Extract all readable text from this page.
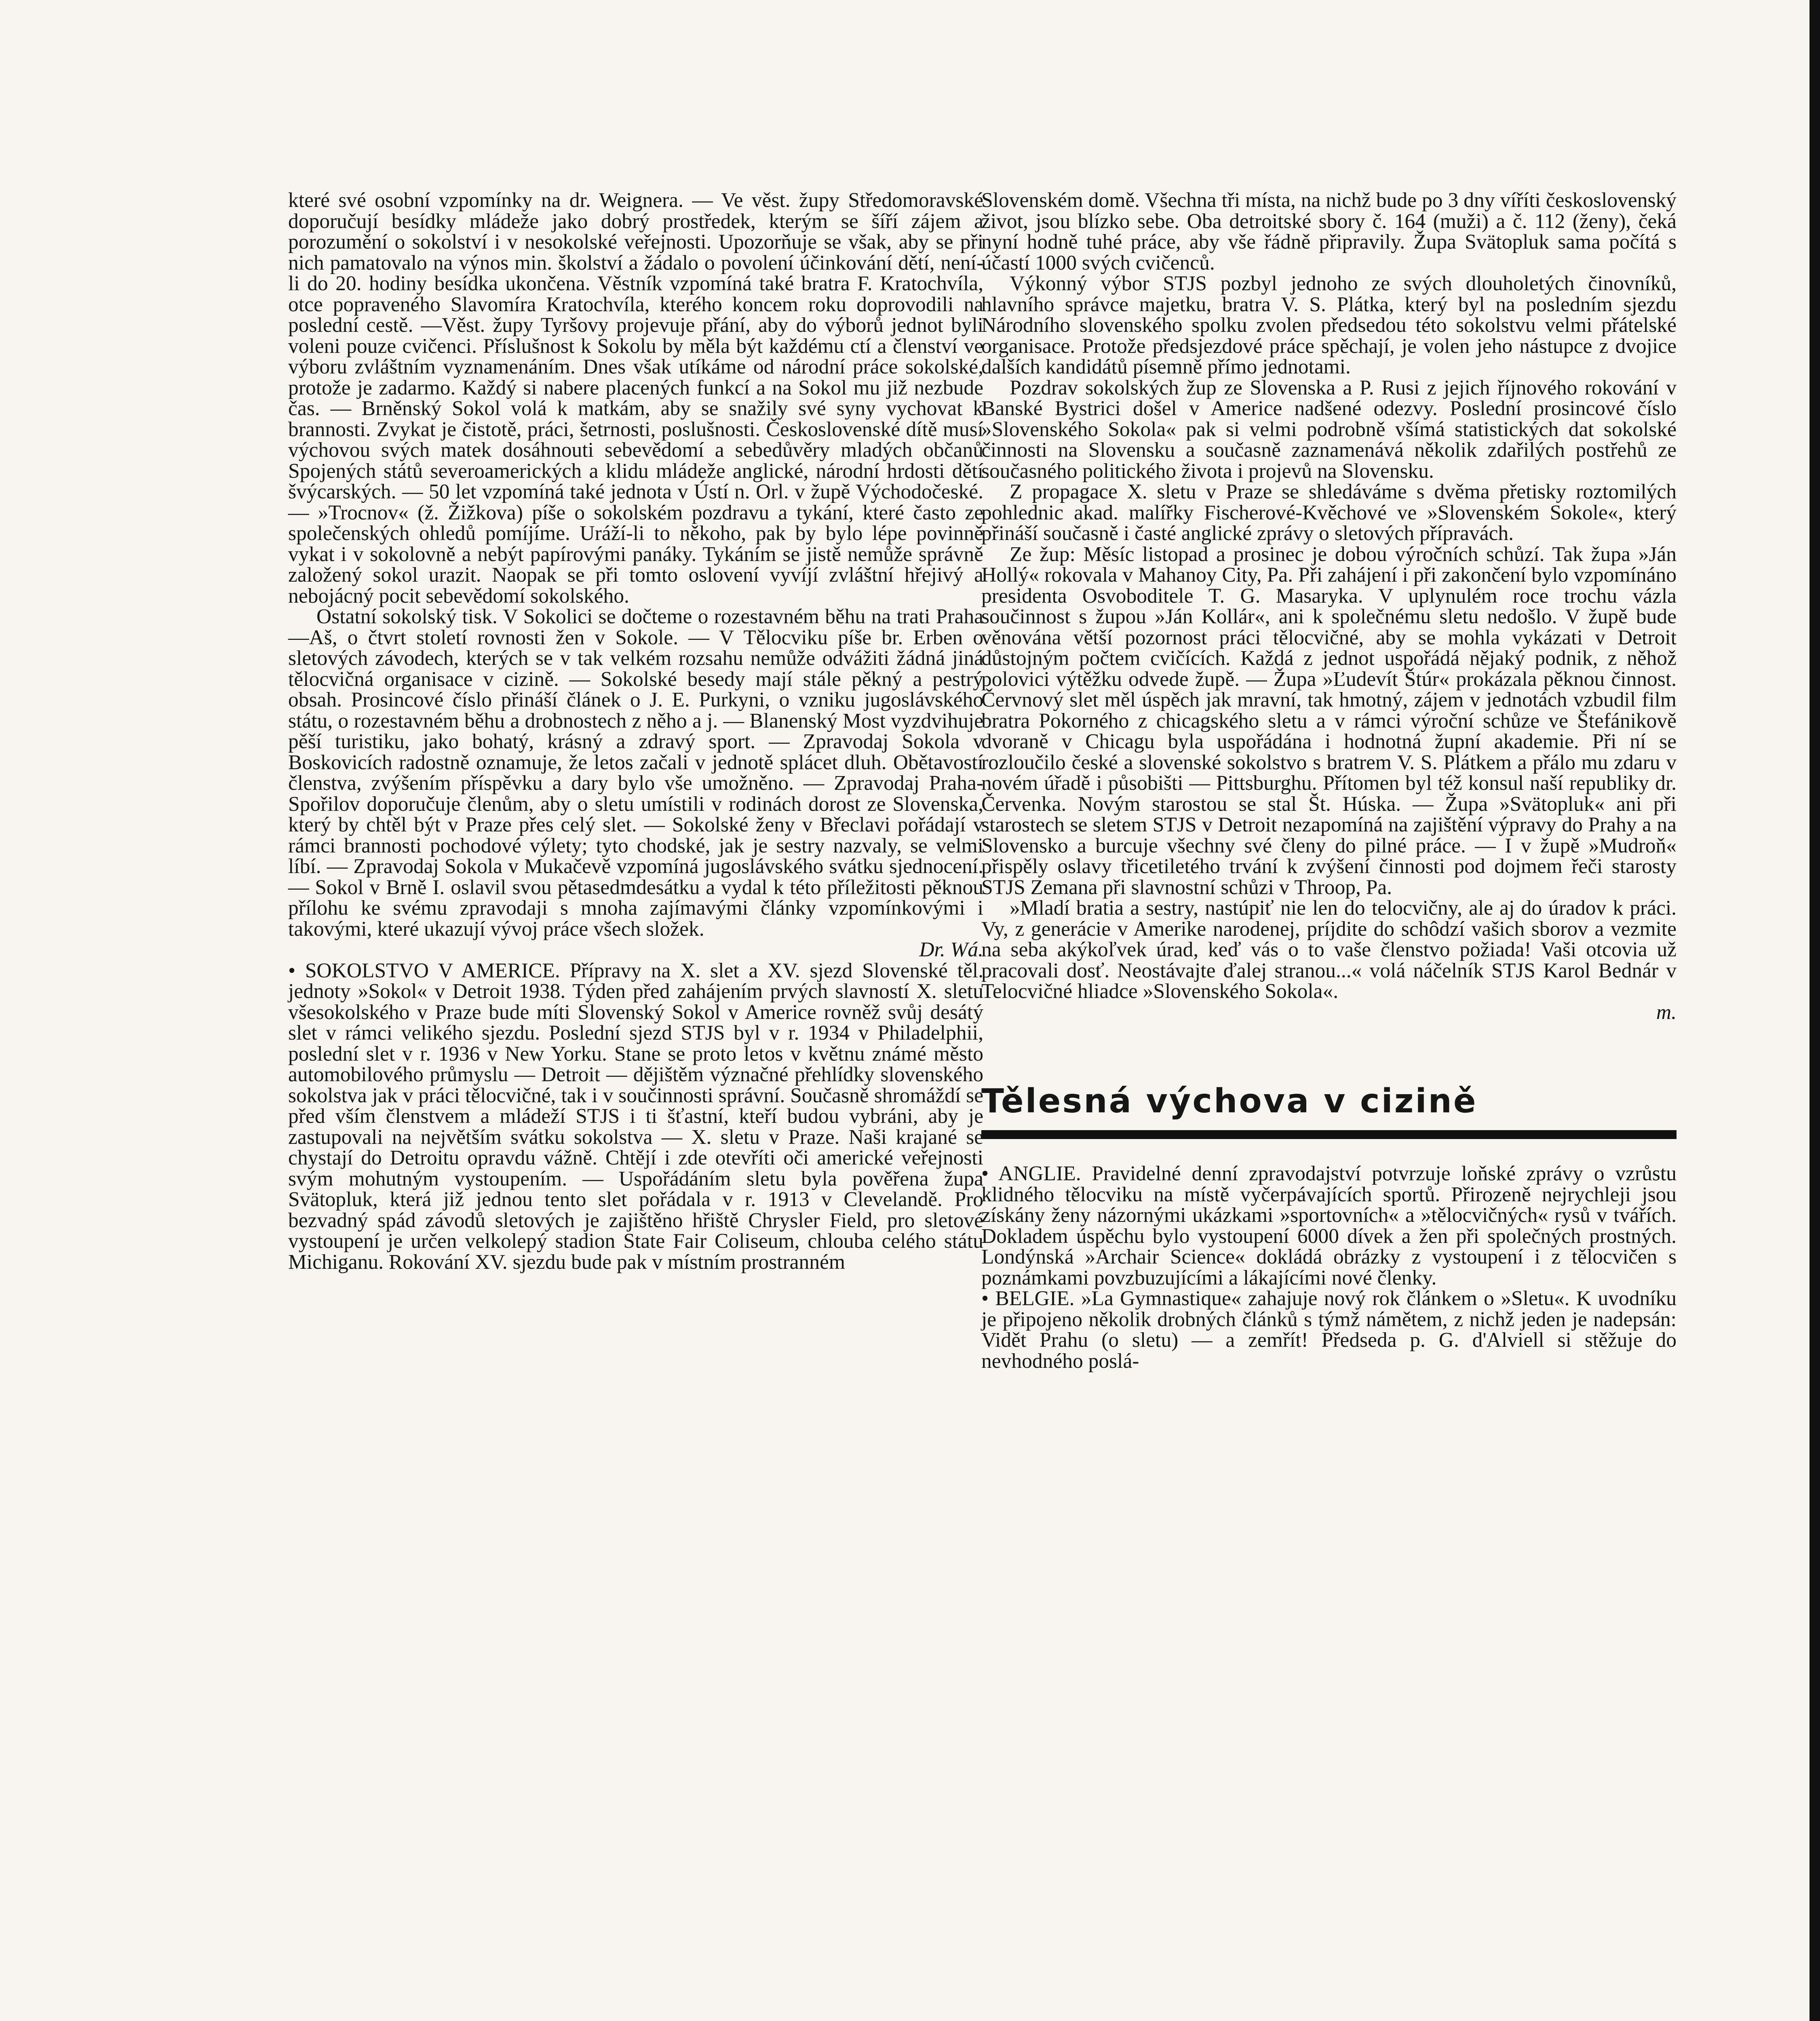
které své osobní vzpomínky na dr. Weignera. — Ve věst. župy Středomoravské doporučují besídky mládeže jako dobrý prostředek, kterým se šíří zájem a porozumění o sokolství i v nesokolské veřejnosti. Upozorňuje se však, aby se při nich pamatovalo na výnos min. školství a žádalo o povolení účinkování dětí, není-li do 20. hodiny besídka ukončena. Věstník vzpomíná také bratra F. Kratochvíla, otce popraveného Slavomíra Kratochvíla, kterého koncem roku doprovodili na poslední cestě. —Věst. župy Tyršovy projevuje přání, aby do výborů jednot byli voleni pouze cvičenci. Příslušnost k Sokolu by měla být každému ctí a členství ve výboru zvláštním vyznamenáním. Dnes však utíkáme od národní práce sokolské, protože je zadarmo. Každý si nabere placených funkcí a na Sokol mu již nezbude čas. — Brněnský Sokol volá k matkám, aby se snažily své syny vychovat k brannosti. Zvykat je čistotě, práci, šetrnosti, poslušnosti. Československé dítě musí výchovou svých matek dosáhnouti sebevědomí a sebedůvěry mladých občanů Spojených států severoamerických a klidu mládeže anglické, národní hrdosti dětí švýcarských. — 50 let vzpomíná také jednota v Ústí n. Orl. v župě Východočeské. — »Trocnov« (ž. Žižkova) píše o sokolském pozdravu a tykání, které často ze společenských ohledů pomíjíme. Uráží-li to někoho, pak by bylo lépe povinně vykat i v sokolovně a nebýt papírovými panáky. Tykáním se jistě nemůže správně založený sokol urazit. Naopak se při tomto oslovení vyvíjí zvláštní hřejivý a nebojácný pocit sebevědomí sokolského.

Ostatní sokolský tisk. V Sokolici se dočteme o rozestavném běhu na trati Praha—Aš, o čtvrt století rovnosti žen v Sokole. — V Tělocviku píše br. Erben o sletových závodech, kterých se v tak velkém rozsahu nemůže odvážiti žádná jiná tělocvičná organisace v cizině. — Sokolské besedy mají stále pěkný a pestrý obsah. Prosincové číslo přináší článek o J. E. Purkyni, o vzniku jugoslávského státu, o rozestavném běhu a drobnostech z něho a j. — Blanenský Most vyzdvihuje pěší turistiku, jako bohatý, krásný a zdravý sport. — Zpravodaj Sokola v Boskovicích radostně oznamuje, že letos začali v jednotě splácet dluh. Obětavostí členstva, zvýšením příspěvku a dary bylo vše umožněno. — Zpravodaj Praha-Spořilov doporučuje členům, aby o sletu umístili v rodinách dorost ze Slovenska, který by chtěl být v Praze přes celý slet. — Sokolské ženy v Břeclavi pořádají v rámci brannosti pochodové výlety; tyto chodské, jak je sestry nazvaly, se velmi líbí. — Zpravodaj Sokola v Mukačevě vzpomíná jugoslávského svátku sjednocení. — Sokol v Brně I. oslavil svou pětasedmdesátku a vydal k této příležitosti pěknou přílohu ke svému zpravodaji s mnoha zajímavými články vzpomínkovými i takovými, které ukazují vývoj práce všech složek.

Dr. Wá.

• SOKOLSTVO V AMERICE. Přípravy na X. slet a XV. sjezd Slovenské těl. jednoty »Sokol« v Detroit 1938. Týden před zahájením prvých slavností X. sletu všesokolského v Praze bude míti Slovenský Sokol v Americe rovněž svůj desátý slet v rámci velikého sjezdu. Poslední sjezd STJS byl v r. 1934 v Philadelphii, poslední slet v r. 1936 v New Yorku. Stane se proto letos v květnu známé město automobilového průmyslu — Detroit — dějištěm význačné přehlídky slovenského sokolstva jak v práci tělocvičné, tak i v součinnosti správní. Současně shromáždí se před vším členstvem a mládeží STJS i ti šťastní, kteří budou vybráni, aby je zastupovali na největším svátku sokolstva — X. sletu v Praze. Naši krajané se chystají do Detroitu opravdu vážně. Chtějí i zde otevříti oči americké veřejnosti svým mohutným vystoupením. — Uspořádáním sletu byla pověřena župa Svätopluk, která již jednou tento slet pořádala v r. 1913 v Clevelandě. Pro bezvadný spád závodů sletových je zajištěno hřiště Chrysler Field, pro sletové vystoupení je určen velkolepý stadion State Fair Coliseum, chlouba celého státu Michiganu. Rokování XV. sjezdu bude pak v místním prostranném

Slovenském domě. Všechna tři místa, na nichž bude po 3 dny víříti československý život, jsou blízko sebe. Oba detroitské sbory č. 164 (muži) a č. 112 (ženy), čeká nyní hodně tuhé práce, aby vše řádně připravily. Župa Svätopluk sama počítá s účastí 1000 svých cvičenců.

Výkonný výbor STJS pozbyl jednoho ze svých dlouholetých činovníků, hlavního správce majetku, bratra V. S. Plátka, který byl na posledním sjezdu Národního slovenského spolku zvolen předsedou této sokolstvu velmi přátelské organisace. Protože předsjezdové práce spěchají, je volen jeho nástupce z dvojice dalších kandidátů písemně přímo jednotami.

Pozdrav sokolských žup ze Slovenska a P. Rusi z jejich říjnového rokování v Banské Bystrici došel v Americe nadšené odezvy. Poslední prosincové číslo »Slovenského Sokola« pak si velmi podrobně všímá statistických dat sokolské činnosti na Slovensku a současně zaznamenává několik zdařilých postřehů ze současného politického života i projevů na Slovensku.

Z propagace X. sletu v Praze se shledáváme s dvěma přetisky roztomilých pohlednic akad. malířky Fischerové-Kvěchové ve »Slovenském Sokole«, který přináší současně i časté anglické zprávy o sletových přípravách.

Ze žup: Měsíc listopad a prosinec je dobou výročních schůzí. Tak župa »Ján Hollý« rokovala v Mahanoy City, Pa. Při zahájení i při zakončení bylo vzpomínáno presidenta Osvoboditele T. G. Masaryka. V uplynulém roce trochu vázla součinnost s župou »Ján Kollár«, ani k společnému sletu nedošlo. V župě bude věnována větší pozornost práci tělocvičné, aby se mohla vykázati v Detroit důstojným počtem cvičících. Každá z jednot uspořádá nějaký podnik, z něhož polovici výtěžku odvede župě. — Župa »Ľudevít Štúr« prokázala pěknou činnost. Červnový slet měl úspěch jak mravní, tak hmotný, zájem v jednotách vzbudil film bratra Pokorného z chicagského sletu a v rámci výroční schůze ve Štefánikově dvoraně v Chicagu byla uspořádána i hodnotná župní akademie. Při ní se rozloučilo české a slovenské sokolstvo s bratrem V. S. Plátkem a přálo mu zdaru v novém úřadě i působišti — Pittsburghu. Přítomen byl též konsul naší republiky dr. Červenka. Novým starostou se stal Št. Húska. — Župa »Svätopluk« ani při starostech se sletem STJS v Detroit nezapomíná na zajištění výpravy do Prahy a na Slovensko a burcuje všechny své členy do pilné práce. — I v župě »Mudroň« přispěly oslavy třicetiletého trvání k zvýšení činnosti pod dojmem řeči starosty STJS Zemana při slavnostní schůzi v Throop, Pa.

»Mladí bratia a sestry, nastúpiť nie len do telocvičny, ale aj do úradov k práci. Vy, z generácie v Amerike narodenej, príjdite do schôdzí vašich sborov a vezmite na seba akýkoľvek úrad, keď vás o to vaše členstvo požiada! Vaši otcovia už pracovali dosť. Neostávajte ďalej stranou...« volá náčelník STJS Karol Bednár v Telocvičné hliadce »Slovenského Sokola«.

m.

Tělesná výchova v cizině

• ANGLIE. Pravidelné denní zpravodajství potvrzuje loňské zprávy o vzrůstu klidného tělocviku na místě vyčerpávajících sportů. Přirozeně nejrychleji jsou získány ženy názornými ukázkami »sportovních« a »tělocvičných« rysů v tvářích. Dokladem úspěchu bylo vystoupení 6000 dívek a žen při společných prostných. Londýnská »Archair Science« dokládá obrázky z vystoupení i z tělocvičen s poznámkami povzbuzujícími a lákajícími nové členky.

• BELGIE. »La Gymnastique« zahajuje nový rok článkem o »Sletu«. K uvodníku je připojeno několik drobných článků s týmž námětem, z nichž jeden je nadepsán: Vidět Prahu (o sletu) — a zemřít! Předseda p. G. d'Alviell si stěžuje do nevhodného poslá-
